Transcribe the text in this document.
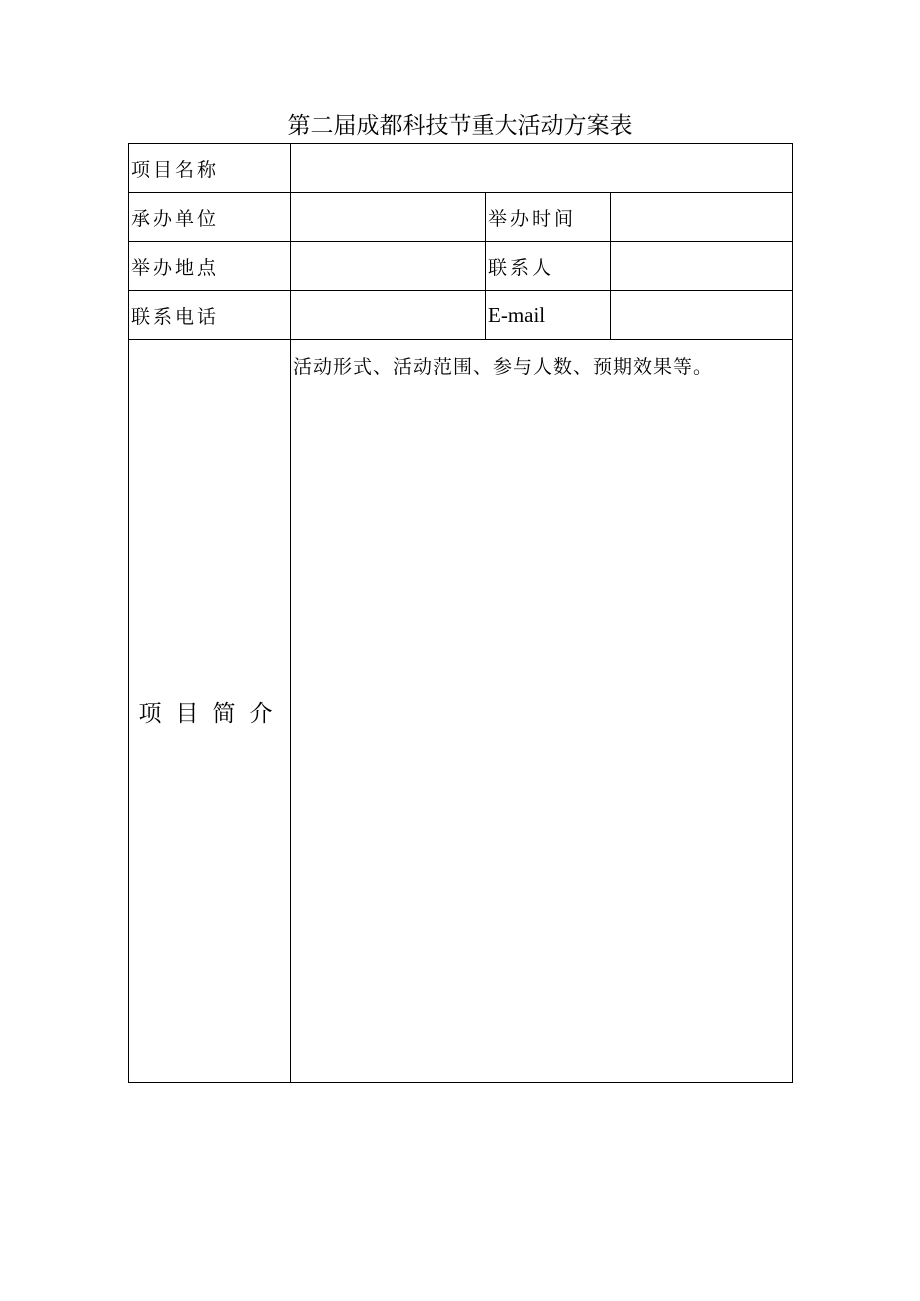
第二届成都科技节重大活动方案表
项目名称			
承办单位		举办时间	
举办地点		联系人	
联系电话		E-mail	
项目简介	活动形式、活动范围、参与人数、预期效果等。		
